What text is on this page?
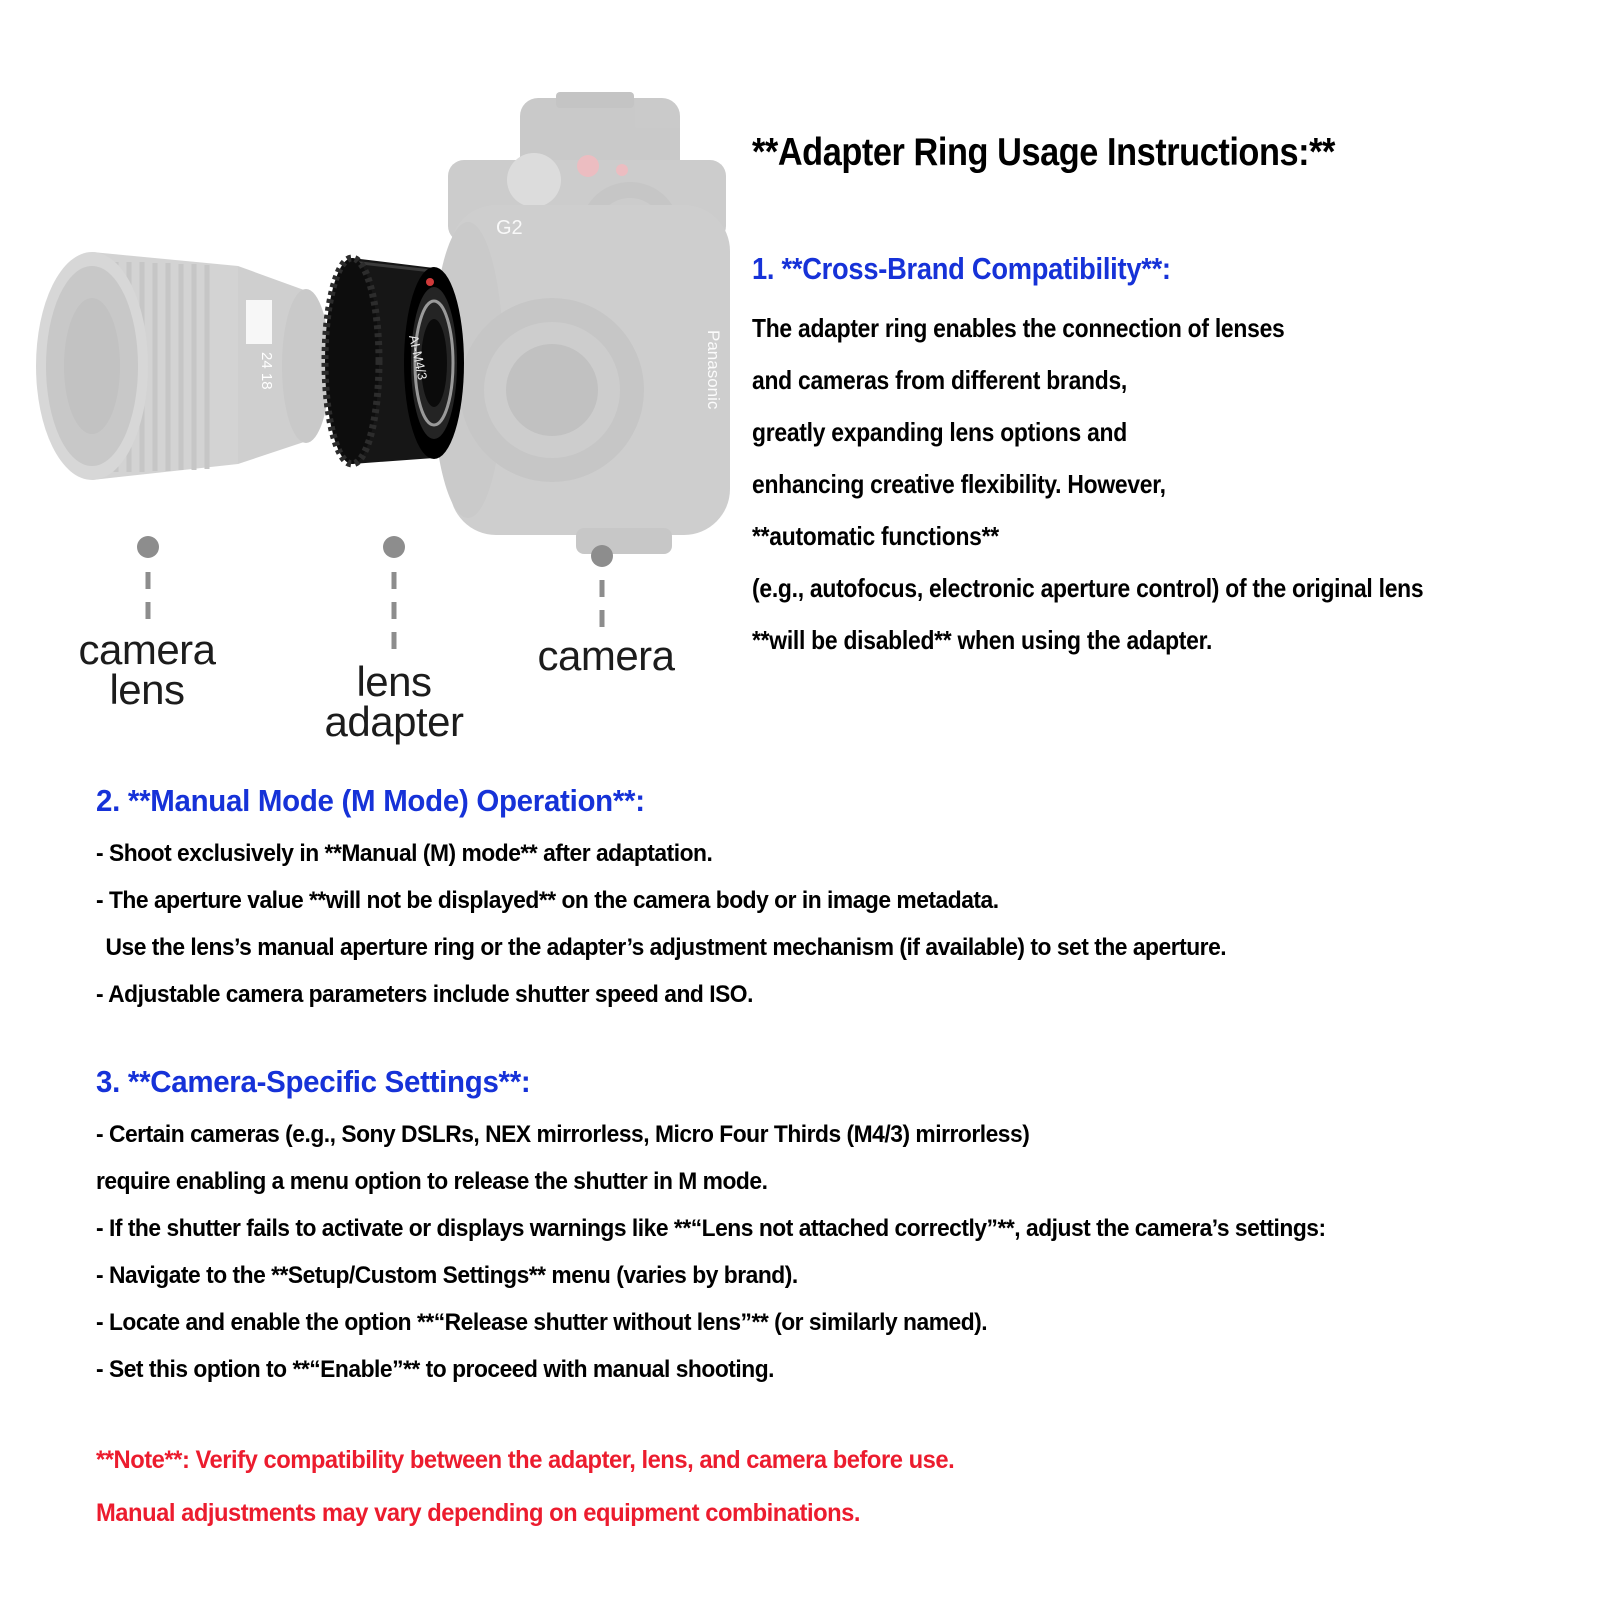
24 18	Panasonic
G2
AI-M4/3
camera
lens	lens
adapter
camera
**Adapter Ring Usage Instructions:**
1. **Cross-Brand Compatibility**:
The adapter ring enables the connection of lenses
and cameras from different brands,
greatly expanding lens options and
enhancing creative flexibility. However,
**automatic functions**
(e.g., autofocus, electronic aperture control) of the original lens
**will be disabled** when using the adapter.
2. **Manual Mode (M Mode) Operation**:
- Shoot exclusively in **Manual (M) mode** after adaptation.
- The aperture value **will not be displayed** on the camera body or in image metadata.
Use the lens’s manual aperture ring or the adapter’s adjustment mechanism (if available) to set the aperture.
- Adjustable camera parameters include shutter speed and ISO.
3. **Camera-Specific Settings**:
- Certain cameras (e.g., Sony DSLRs, NEX mirrorless, Micro Four Thirds (M4/3) mirrorless)
require enabling a menu option to release the shutter in M mode.
- If the shutter fails to activate or displays warnings like **“Lens not attached correctly”**, adjust the camera’s settings:
- Navigate to the **Setup/Custom Settings** menu (varies by brand).
- Locate and enable the option **“Release shutter without lens”** (or similarly named).
- Set this option to **“Enable”** to proceed with manual shooting.
**Note**: Verify compatibility between the adapter, lens, and camera before use.
Manual adjustments may vary depending on equipment combinations.
